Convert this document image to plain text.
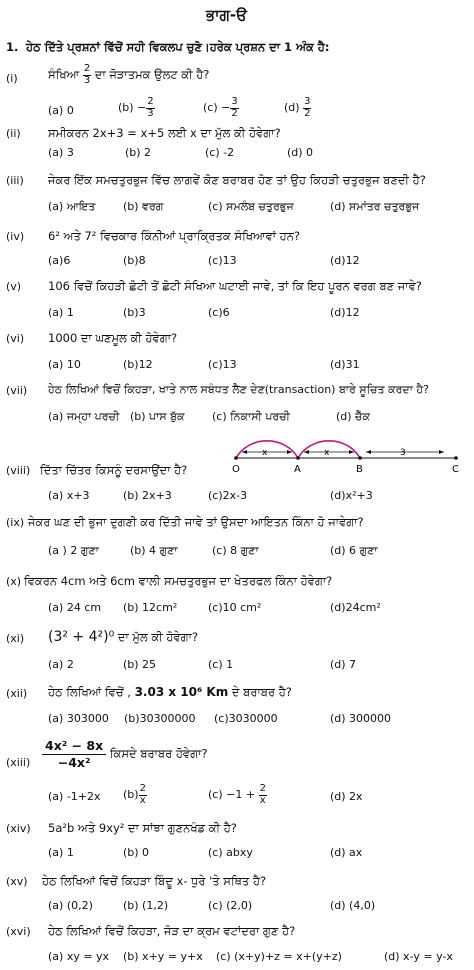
ਭਾਗ-ੳ
1. ਹੇਠ ਦਿੱਤੇ ਪ੍ਰਸ਼ਨਾਂ ਵਿੱਚੋਂ ਸਹੀ ਵਿਕਲਪ ਚੁਣੋ।ਹਰੇਕ ਪ੍ਰਸ਼ਨ ਦਾ 1 ਅੰਕ ਹੈ:
(i)	ਸੰਖਿਆ $\frac{2}{3}$ ਦਾ ਜੋੜਾਤਮਕ ਉਲਟ ਕੀ ਹੈ?
(a) 0	$(b) - \frac{2}{3}$	$(c) - \frac{3}{2}$	$(d) \frac{3}{2}$
(ii) ਸਮੀਕਰਨ 2x+3 = x+5 ਲਈ x ਦਾ ਮੁੱਲ ਕੀ ਹੋਵੇਗਾ?
(a) 3	(b) 2	(c) -2	(d) 0
(iii) ਜੇਕਰ ਇੱਕ ਸਮਚਤੁਰਭੁਜ ਵਿੱਚ ਲਾਗਵੇਂ ਕੋਣ ਬਰਾਬਰ ਹੋਣ ਤਾਂ ਉਹ ਕਿਹੜੀ ਚਤੁਰਭੁਜ ਬਣਦੀ ਹੈ?
(a) ਆਇਤ	(b) ਵਰਗ	(c) ਸਮਲੰਬ ਚਤੁਰਭੁਜ	(d) ਸਮਾਂਤਰ ਚਤੁਰਭੁਜ
(iv) 6² ਅਤੇ 7² ਵਿਚਕਾਰ ਕਿੰਨੀਆਂ ਪ੍ਰਾਕ੍ਰਿਤਕ ਸੰਖਿਆਵਾਂ ਹਨ?
(a)6	(b)8	(c)13	(d)12
(v) 106 ਵਿਚੋਂ ਕਿਹੜੀ ਛੋਟੀ ਤੋਂ ਛੋਟੀ ਸੰਖਿਆ ਘਟਾਈ ਜਾਵੇ, ਤਾਂ ਕਿ ਇਹ ਪੂਰਨ ਵਰਗ ਬਣ ਜਾਵੇ?
(a) 1	(b)3	(c)6	(d)12
(vi) 1000 ਦਾ ਘਣਮੂਲ ਕੀ ਹੋਵੇਗਾ?
(a) 10	(b)12	(c)13	(d)31
(vii) ਹੇਠ ਲਿਖਿਆਂ ਵਿਚੋਂ ਕਿਹੜਾ, ਖਾਤੇ ਨਾਲ ਸਬੰਧਤ ਲੈਣ ਦੇਣ(transaction) ਬਾਰੇ ਸੂਚਿਤ ਕਰਦਾ ਹੈ?
(a) ਜਮ੍ਹਾ ਪਰਚੀ (b) ਪਾਸ ਬੁੱਕ	(c) ਨਿਕਾਸੀ ਪਰਚੀ	(d) ਚੈੱਕ
x	x	3
O	A	B	C
(viii) ਦਿੱਤਾ ਚਿੱਤਰ ਕਿਸਨੂੰ ਦਰਸਾਉਂਦਾ ਹੈ?
(a) x+3	(b) 2x+3	(c)2x-3	(d)x²+3
(ix) ਜੇਕਰ ਘਣ ਦੀ ਭੁਜਾ ਦੁਗਣੀ ਕਰ ਦਿੱਤੀ ਜਾਵੇ ਤਾਂ ਉਸਦਾ ਆਇਤਨ ਕਿੰਨਾ ਹੋ ਜਾਵੇਗਾ?
(a ) 2 ਗੁਣਾ	(b) 4 ਗੁਣਾ	(c) 8 ਗੁਣਾ	(d) 6 ਗੁਣਾ
(x) ਵਿਕਰਨ 4cm ਅਤੇ 6cm ਵਾਲੀ ਸਮਚਤੁਰਭੁਜ ਦਾ ਖੇਤਰਫਲ ਕਿੰਨਾ ਹੋਵੇਗਾ?
(a) 24 cm (b) 12cm²	(c)10 cm²	(d)24cm²
(xi) (3² + 4²)⁰ ਦਾ ਮੁੱਲ ਕੀ ਹੋਵੇਗਾ?
(a) 2	(b) 25	(c) 1	(d) 7
(xii) ਹੇਠ ਲਿਖਿਆਂ ਵਿਚੋਂ , 3.03 x 10⁶ Km ਦੇ ਬਰਾਬਰ ਹੈ?
(a) 303000 (b)30300000 (c)3030000	(d) 300000
(xiii) $\frac{\text{4x² − 8x}}{\text{−4x²}}$ ਕਿਸਦੇ ਬਰਾਬਰ ਹੋਵੇਗਾ?
(a) -1+2x $(b) \frac{2}{x}$	$(c) -1 + \frac{2}{x}$	(d) 2x
(xiv) 5a²b ਅਤੇ 9xy² ਦਾ ਸਾਂਝਾ ਗੁਣਨਖੰਡ ਕੀ ਹੈ?
(a) 1	(b) 0	(c) abxy	(d) ax
(xv) ਹੇਠ ਲਿਖਿਆਂ ਵਿਚੋਂ ਕਿਹੜਾ ਬਿੰਦੂ x- ਧੁਰੇ 'ਤੇ ਸਥਿਤ ਹੈ?
(a) (0,2)	(b) (1,2)	(c) (2,0)	(d) (4,0)
(xvi) ਹੇਠ ਲਿਖਿਆਂ ਵਿਚੋਂ ਕਿਹੜਾ, ਜੋੜ ਦਾ ਕ੍ਰਮ ਵਟਾਂਦਰਾ ਗੁਣ ਹੈ?
(a) xy = yx (b) x+y = y+x (c) (x+y)+z = x+(y+z)	(d) x-y = y-x
